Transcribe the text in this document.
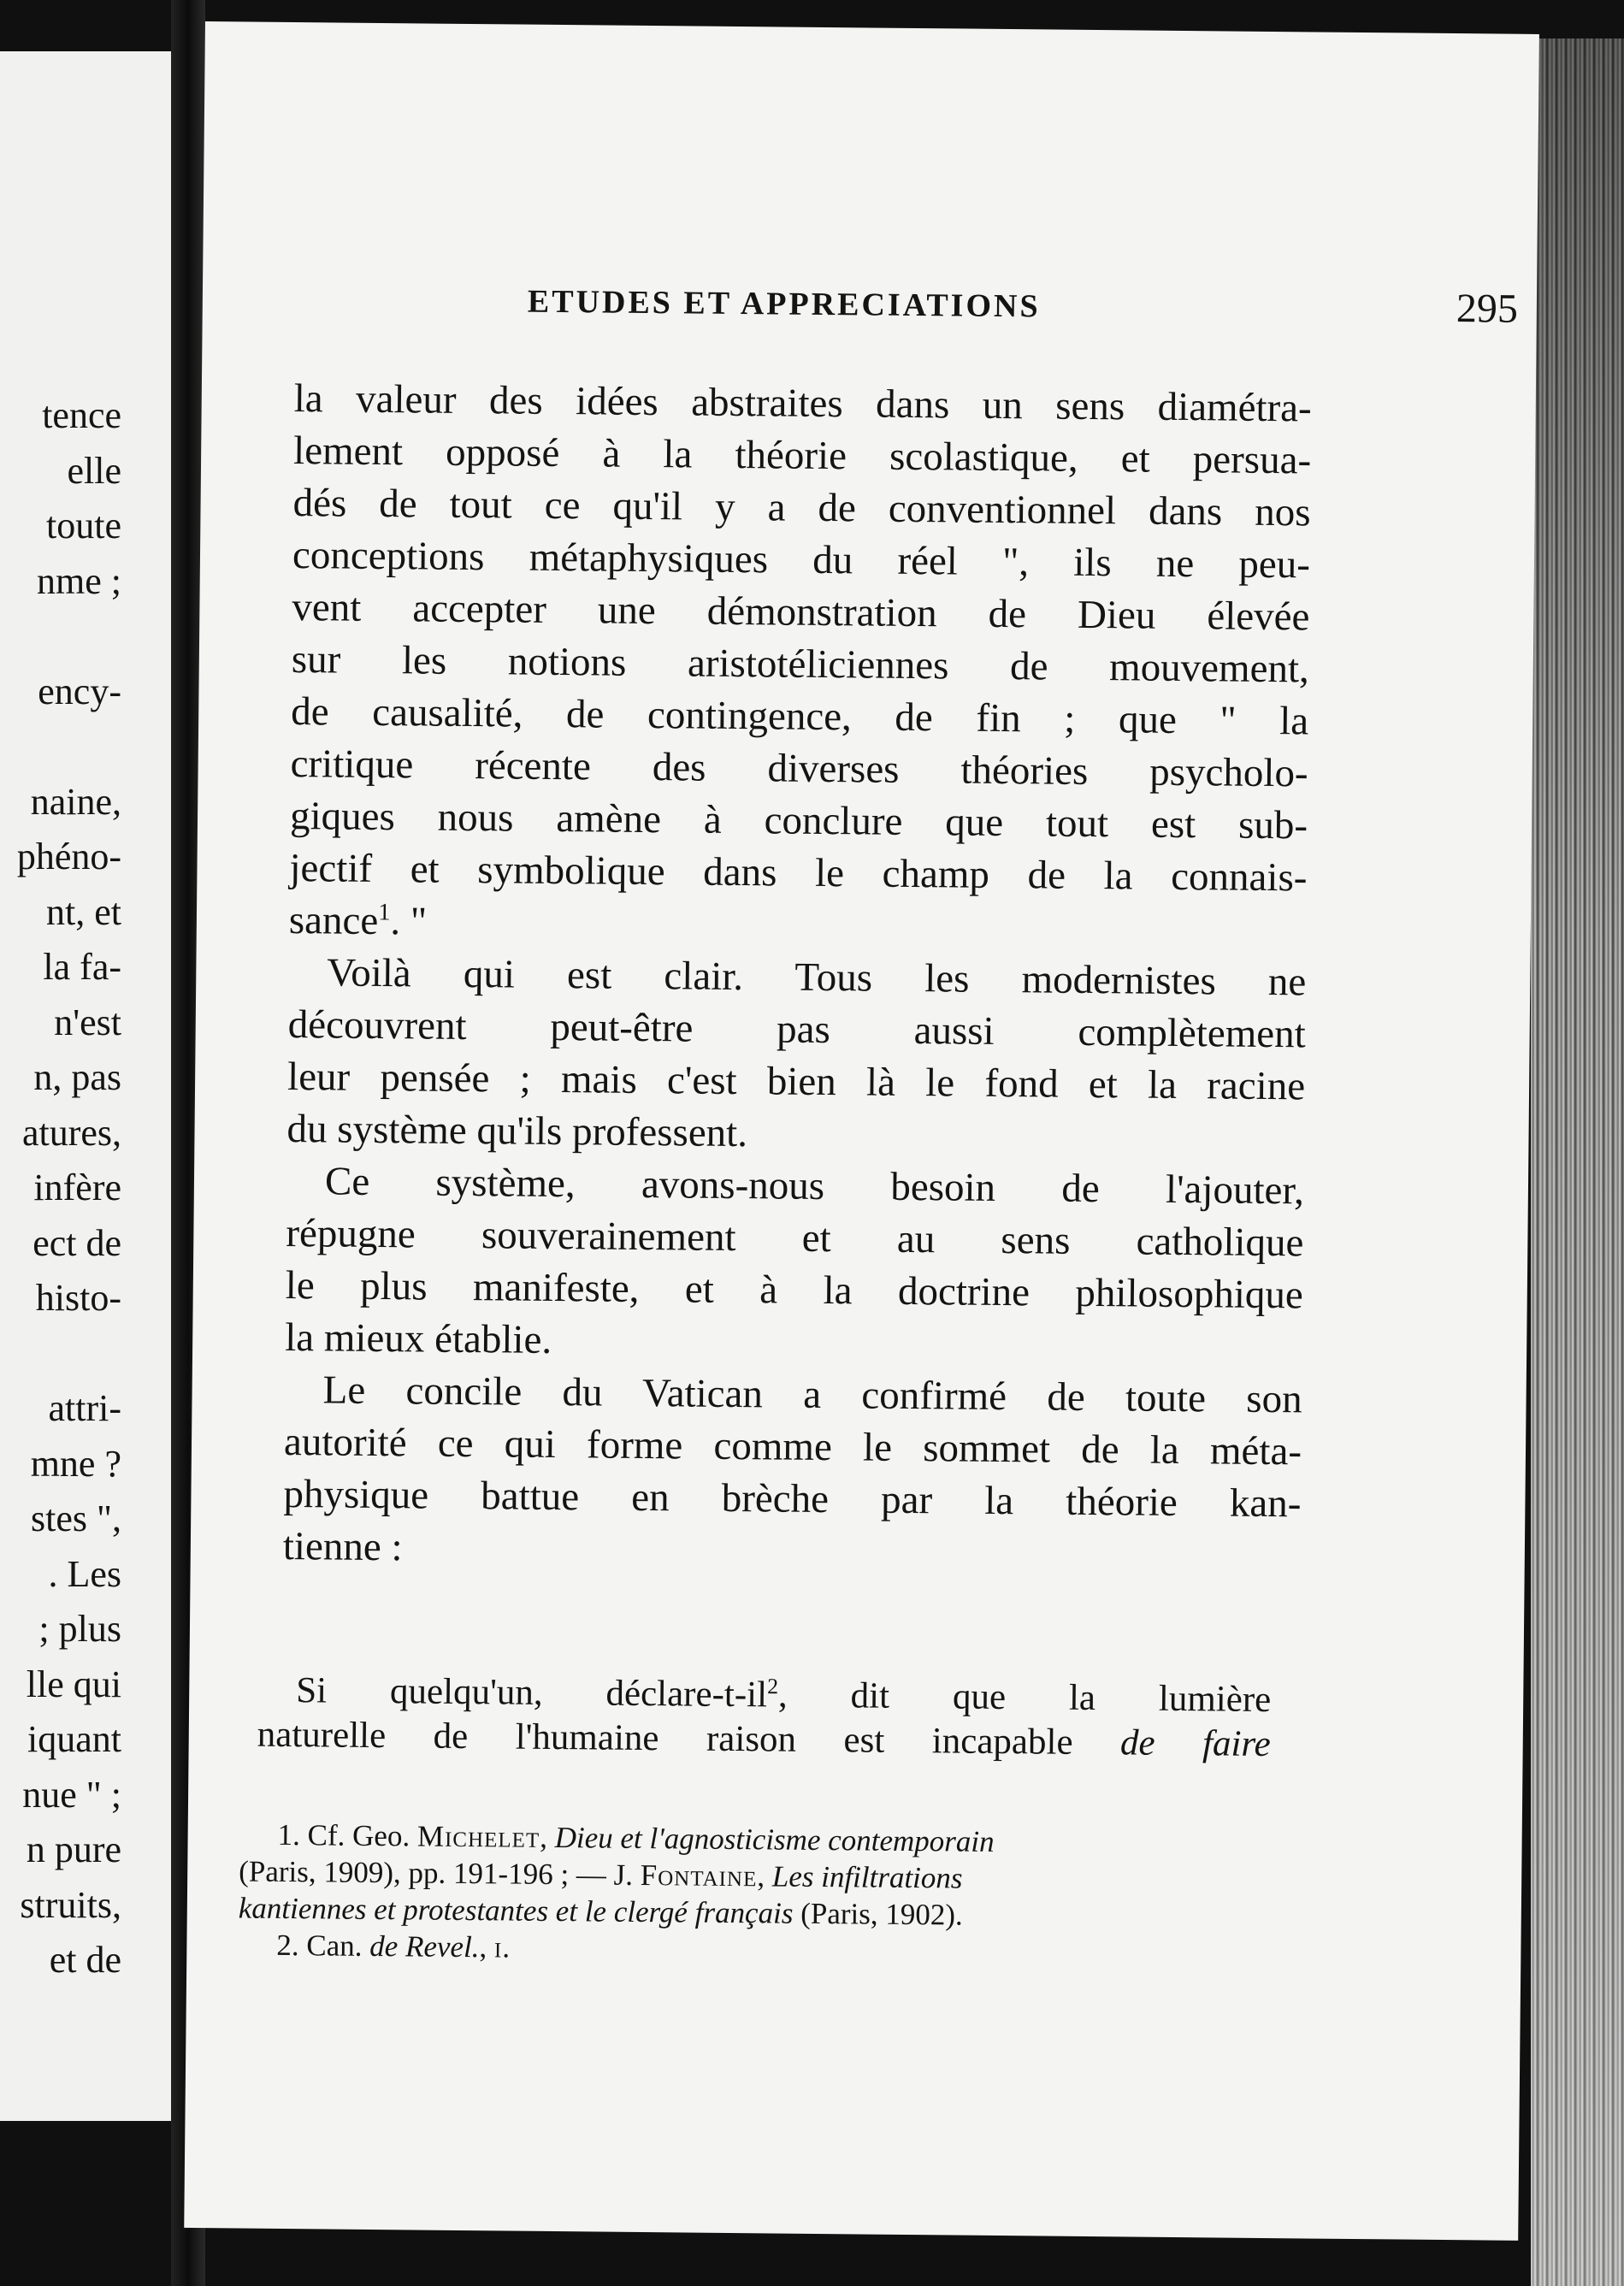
tence
elle
toute
nme ;
ency-
naine,
phéno-
nt, et
la fa-
n'est
n, pas
atures,
infère
ect de
histo-
attri-
mne ?
stes ",
. Les
; plus
lle qui
iquant
nue " ;
n pure
struits,
et de
ETUDES ET APPRECIATIONS	295
la valeur des idées abstraites dans un sens diamétra-
lement opposé à la théorie scolastique, et persua-
dés de tout ce qu'il y a de conventionnel dans nos
conceptions métaphysiques du réel ", ils ne peu-
vent accepter une démonstration de Dieu élevée
sur les notions aristotéliciennes de mouvement,
de causalité, de contingence, de fin ; que " la
critique récente des diverses théories psycholo-
giques nous amène à conclure que tout est sub-
jectif et symbolique dans le champ de la connais-
sance$^1$. "
Voilà qui est clair. Tous les modernistes ne
découvrent peut-être pas aussi complètement
leur pensée ; mais c'est bien là le fond et la racine
du système qu'ils professent.
Ce système, avons-nous besoin de l'ajouter,
répugne souverainement et au sens catholique
le plus manifeste, et à la doctrine philosophique
la mieux établie.
Le concile du Vatican a confirmé de toute son
autorité ce qui forme comme le sommet de la méta-
physique battue en brèche par la théorie kan-
tienne :
Si quelqu'un, déclare-$t-il^2$, dit que la lumière
naturelle de l'humaine raison est incapable de faire
1. Cf. Geo. Michelet, Dieu et l'agnosticisme contemporain
(Paris, 1909), pp. 191-196 ; — J. Fontaine, Les infiltrations
kantiennes et protestantes et le clergé français (Paris, 1902).
2. Can. de Revel., i.
